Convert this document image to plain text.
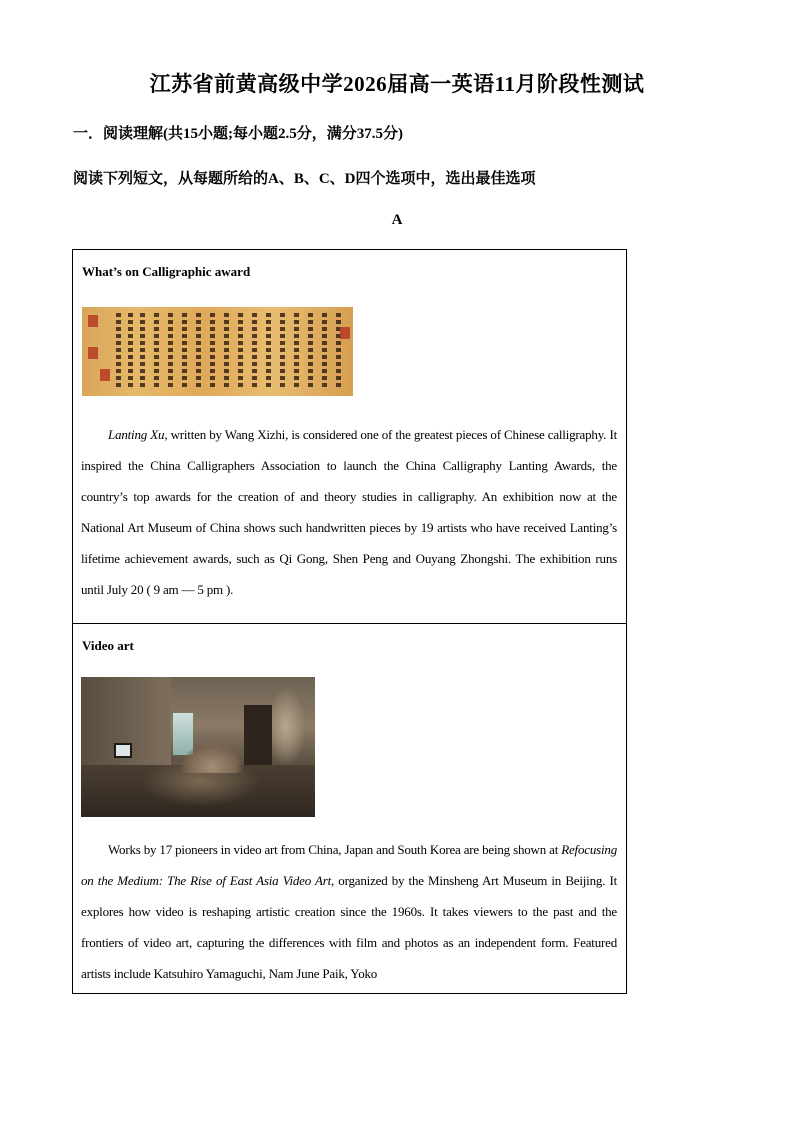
江苏省前黄高级中学2026届高一英语11月阶段性测试
一．阅读理解(共15小题;每小题2.5分，满分37.5分)
阅读下列短文，从每题所给的A、B、C、D四个选项中，选出最佳选项
A
What’s on Calligraphic award
Lanting Xu, written by Wang Xizhi, is considered one of the greatest pieces of Chinese calligraphy. It inspired the China Calligraphers Association to launch the China Calligraphy Lanting Awards, the country’s top awards for the creation of and theory studies in calligraphy. An exhibition now at the National Art Museum of China shows such handwritten pieces by 19 artists who have received Lanting’s lifetime achievement awards, such as Qi Gong, Shen Peng and Ouyang Zhongshi. The exhibition runs until July 20 ( 9 am — 5 pm ).
Video art
Works by 17 pioneers in video art from China, Japan and South Korea are being shown at Refocusing on the Medium: The Rise of East Asia Video Art, organized by the Minsheng Art Museum in Beijing. It explores how video is reshaping artistic creation since the 1960s. It takes viewers to the past and the frontiers of video art, capturing the differences with film and photos as an independent form. Featured artists include Katsuhiro Yamaguchi, Nam June Paik, Yoko
